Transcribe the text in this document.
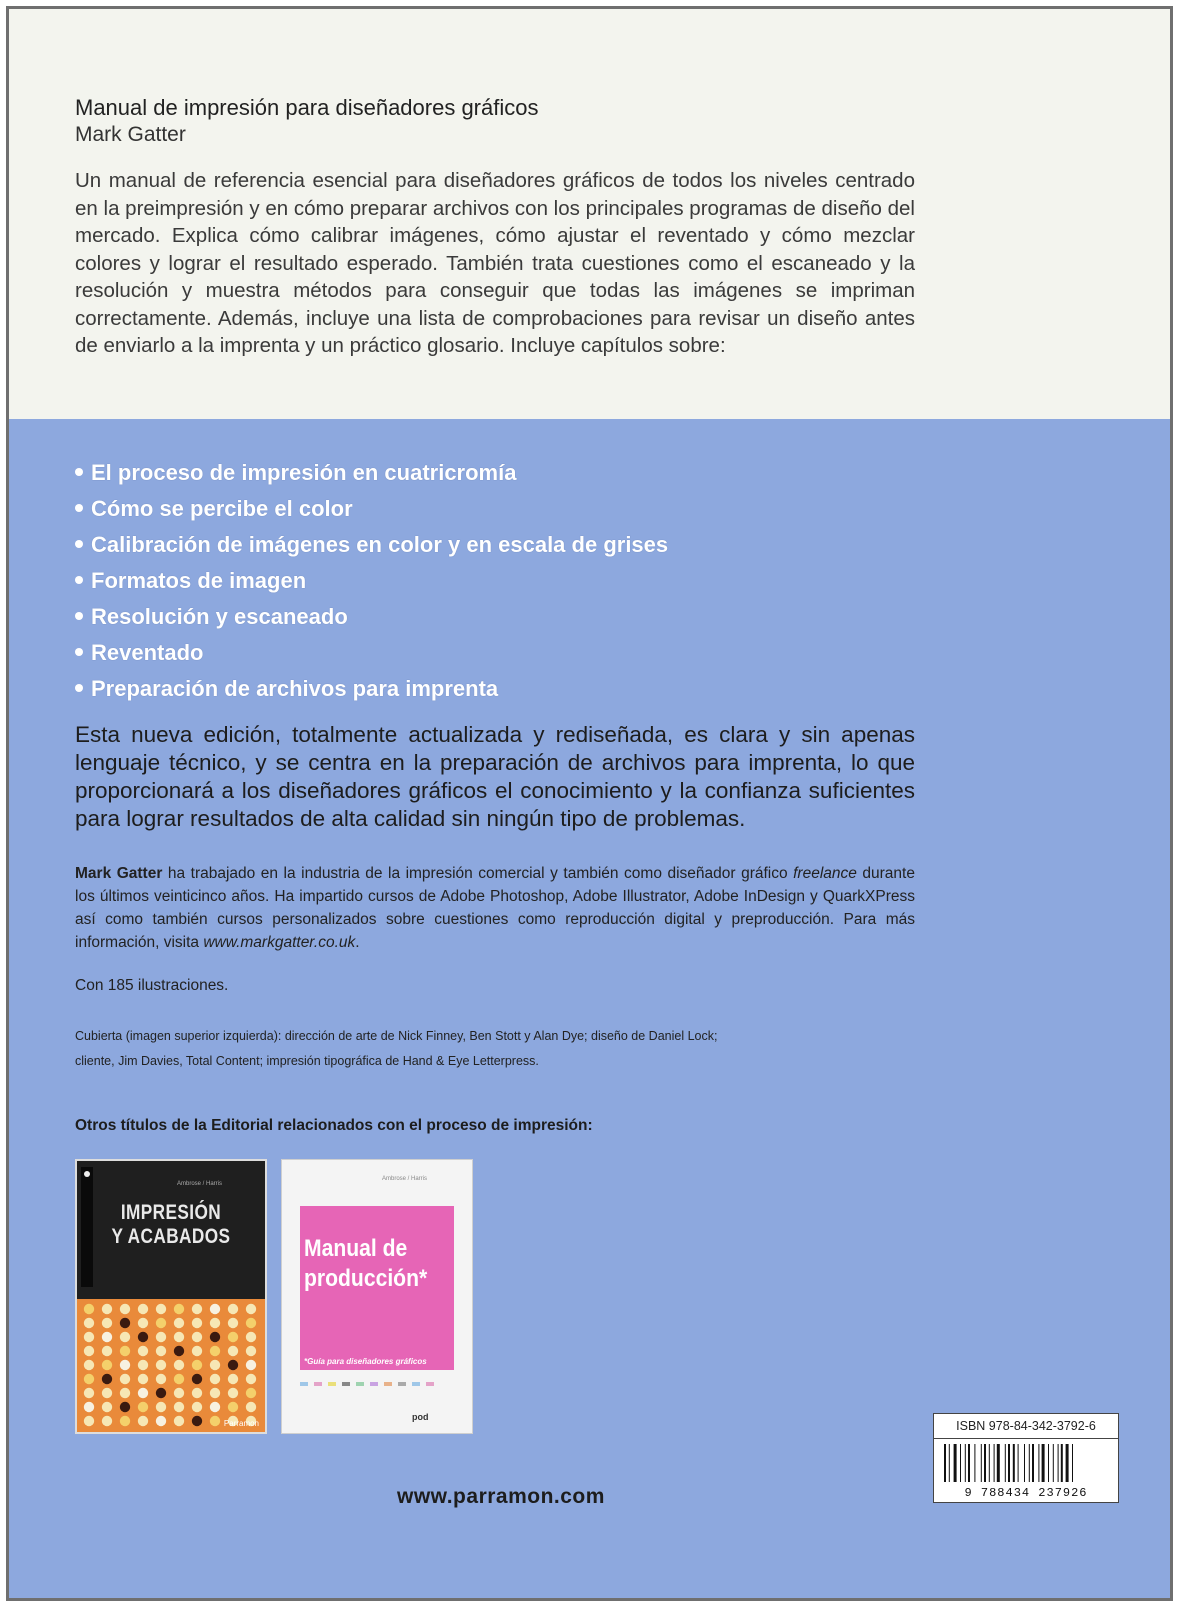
Manual de impresión para diseñadores gráficos
Mark Gatter
Un manual de referencia esencial para diseñadores gráficos de todos los niveles centrado en la preimpresión y en cómo preparar archivos con los principales programas de diseño del mercado. Explica cómo calibrar imágenes, cómo ajustar el reventado y cómo mezclar colores y lograr el resultado esperado. También trata cuestiones como el escaneado y la resolución y muestra métodos para conseguir que todas las imágenes se impriman correctamente. Además, incluye una lista de comprobaciones para revisar un diseño antes de enviarlo a la imprenta y un práctico glosario. Incluye capítulos sobre:
El proceso de impresión en cuatricromía
Cómo se percibe el color
Calibración de imágenes en color y en escala de grises
Formatos de imagen
Resolución y escaneado
Reventado
Preparación de archivos para imprenta
Esta nueva edición, totalmente actualizada y rediseñada, es clara y sin apenas lenguaje técnico, y se centra en la preparación de archivos para imprenta, lo que proporcionará a los diseñadores gráficos el conocimiento y la confianza suficientes para lograr resultados de alta calidad sin ningún tipo de problemas.
Mark Gatter ha trabajado en la industria de la impresión comercial y también como diseñador gráfico freelance durante los últimos veinticinco años. Ha impartido cursos de Adobe Photoshop, Adobe Illustrator, Adobe InDesign y QuarkXPress así como también cursos personalizados sobre cuestiones como reproducción digital y preproducción. Para más información, visita www.markgatter.co.uk.
Con 185 ilustraciones.
Cubierta (imagen superior izquierda): dirección de arte de Nick Finney, Ben Stott y Alan Dye; diseño de Daniel Lock;
cliente, Jim Davies, Total Content; impresión tipográfica de Hand & Eye Letterpress.
Otros títulos de la Editorial relacionados con el proceso de impresión:
Ambrose / Harris
IMPRESIÓN
Y ACABADOS
Parramon
Ambrose / Harris
Manual de
producción*
*Guía para diseñadores gráficos
pod
ISBN 978-84-342-3792-6
9 788434 237926
www.parramon.com
